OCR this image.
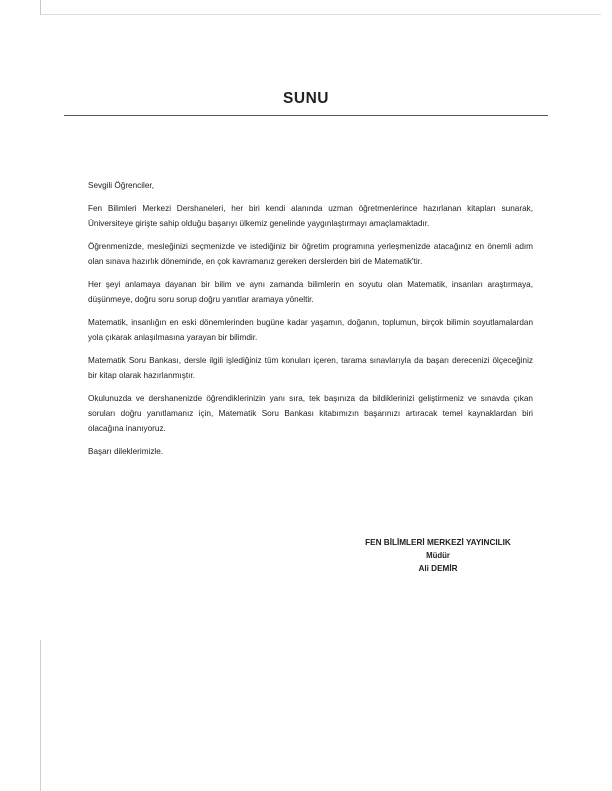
SUNU

Sevgili Öğrenciler,

Fen Bilimleri Merkezi Dershaneleri, her biri kendi alanında uzman öğretmenlerince hazırlanan kitapları sunarak, Üniversiteye girişte sahip olduğu başarıyı ülkemiz genelinde yaygınlaştırmayı amaçlamaktadır.

Öğrenmenizde, mesleğinizi seçmenizde ve istediğiniz bir öğretim programına yerleşmenizde atacağınız en önemli adım olan sınava hazırlık döneminde, en çok kavramanız gereken derslerden biri de Matematik'tir.

Her şeyi anlamaya dayanan bir bilim ve aynı zamanda bilimlerin en soyutu olan Matematik, insanları araştırmaya, düşünmeye, doğru soru sorup doğru yanıtlar aramaya yöneltir.

Matematik, insanlığın en eski dönemlerinden bugüne kadar yaşamın, doğanın, toplumun, birçok bilimin soyutlamalardan yola çıkarak anlaşılmasına yarayan bir bilimdir.

Matematik Soru Bankası, dersle ilgili işlediğiniz tüm konuları içeren, tarama sınavlarıyla da başarı derecenizi ölçeceğiniz bir kitap olarak hazırlanmıştır.

Okulunuzda ve dershanenizde öğrendiklerinizin yanı sıra, tek başınıza da bildiklerinizi geliştirmeniz ve sınavda çıkan soruları doğru yanıtlamanız için, Matematik Soru Bankası kitabımızın başarınızı artıracak temel kaynaklardan biri olacağına inanıyoruz.

Başarı dileklerimizle.

FEN BİLİMLERİ MERKEZİ YAYINCILIK
Müdür
Ali DEMİR
